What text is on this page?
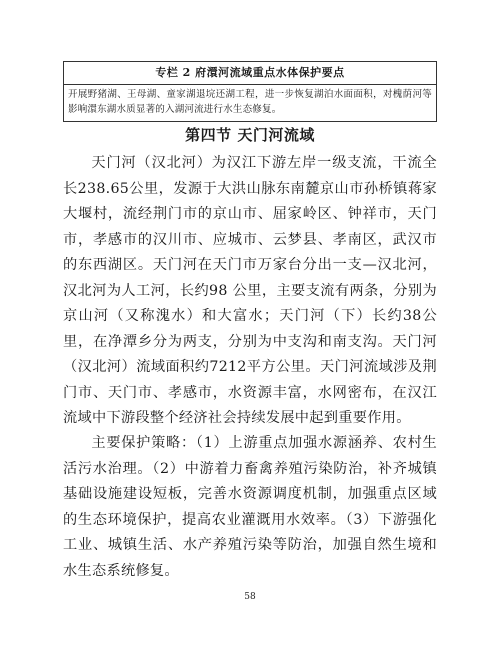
专栏 2 府澴河流域重点水体保护要点
开展野猪湖、王母湖、童家湖退垸还湖工程，进一步恢复湖泊水面面积，对槐荫河等影响澴东湖水质显著的入湖河流进行水生态修复。
第四节 天门河流域

天门河（汉北河）为汉江下游左岸一级支流，干流全长238.65公里，发源于大洪山脉东南麓京山市孙桥镇蒋家大堰村，流经荆门市的京山市、屈家岭区、钟祥市，天门市，孝感市的汉川市、应城市、云梦县、孝南区，武汉市的东西湖区。天门河在天门市万家台分出一支—汉北河，汉北河为人工河，长约98 公里，主要支流有两条，分别为京山河（又称溾水）和大富水；天门河（下）长约38公里，在净潭乡分为两支，分别为中支沟和南支沟。天门河（汉北河）流域面积约7212平方公里。天门河流域涉及荆门市、天门市、孝感市，水资源丰富，水网密布，在汉江流域中下游段整个经济社会持续发展中起到重要作用。

主要保护策略：（1）上游重点加强水源涵养、农村生活污水治理。（2）中游着力畜禽养殖污染防治，补齐城镇基础设施建设短板，完善水资源调度机制，加强重点区域的生态环境保护，提高农业灌溉用水效率。（3）下游强化工业、城镇生活、水产养殖污染等防治，加强自然生境和水生态系统修复。

58
